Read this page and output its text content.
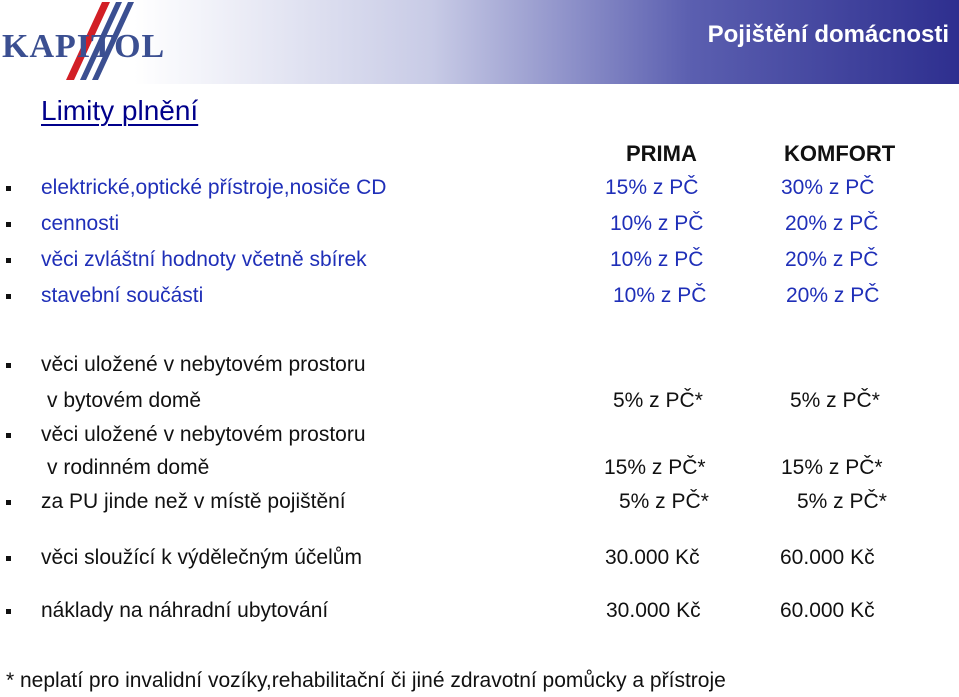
KAPITOL	Pojištění domácnosti
Limity plnění
PRIMA	KOMFORT
elektrické,optické přístroje,nosiče CD	15% z PČ	30% z PČ
cennosti	10% z PČ	20% z PČ
věci zvláštní hodnoty včetně sbírek	10% z PČ	20% z PČ
stavební součásti	10% z PČ	20% z PČ
věci uložené v nebytovém prostoru
v bytovém domě	5% z PČ*	5% z PČ*
věci uložené v nebytovém prostoru
v rodinném domě	15% z PČ*	15% z PČ*
za PU jinde než v místě pojištění	5% z PČ*	5% z PČ*
věci sloužící k výdělečným účelům	30.000 Kč	60.000 Kč
náklady na náhradní ubytování	30.000 Kč	60.000 Kč
* neplatí pro invalidní vozíky,rehabilitační či jiné zdravotní pomůcky a přístroje
